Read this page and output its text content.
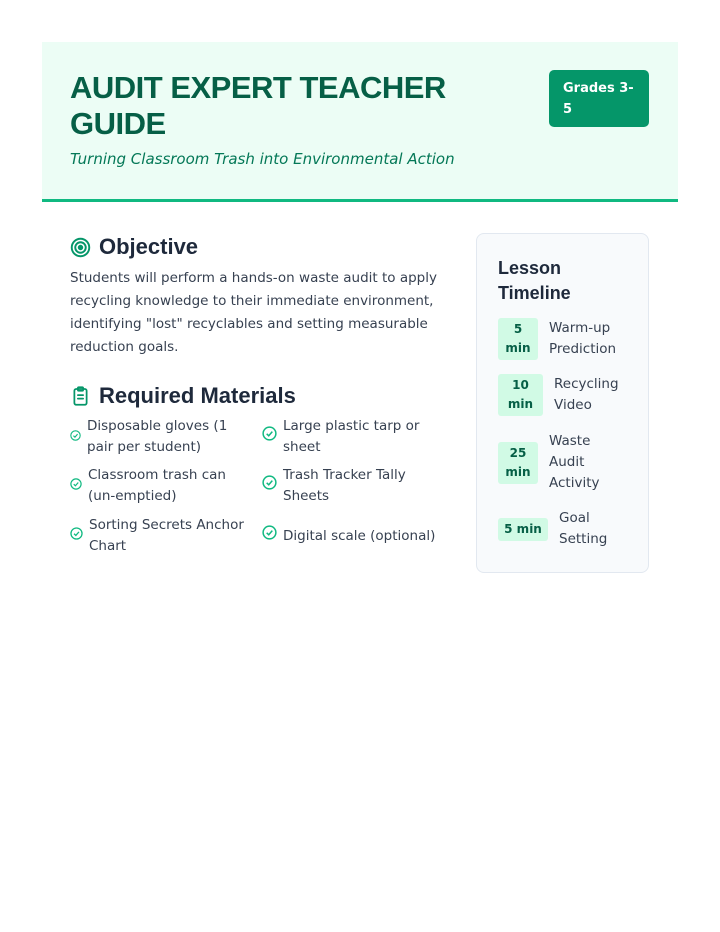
AUDIT EXPERT TEACHER GUIDE
Turning Classroom Trash into Environmental Action
Grades 3-5
Objective

Students will perform a hands-on waste audit to apply recycling knowledge to their immediate environment, identifying "lost" recyclables and setting measurable reduction goals.

Required Materials
Disposable gloves (1 pair per student)
Large plastic tarp or sheet
Classroom trash can (un-emptied)
Trash Tracker Tally Sheets
Sorting Secrets Anchor Chart
Digital scale (optional)
Lesson Timeline
5 min
Warm-up Prediction
10 min
Recycling Video
25 min
Waste Audit Activity
5 min
Goal Setting
